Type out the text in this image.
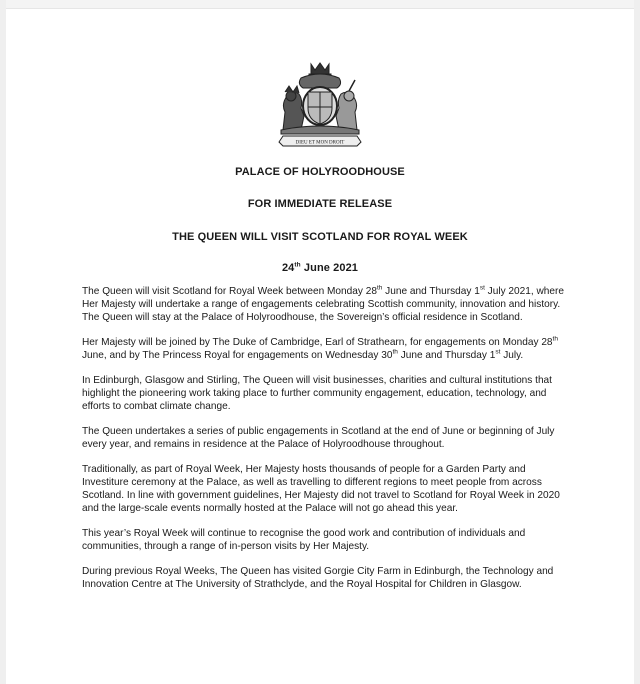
DIEU ET MON DROIT
PALACE OF HOLYROODHOUSE
FOR IMMEDIATE RELEASE
THE QUEEN WILL VISIT SCOTLAND FOR ROYAL WEEK
24th June 2021

The Queen will visit Scotland for Royal Week between Monday 28th June and Thursday 1st July 2021, where Her Majesty will undertake a range of engagements celebrating Scottish community, innovation and history. The Queen will stay at the Palace of Holyroodhouse, the Sovereign’s official residence in Scotland.

Her Majesty will be joined by The Duke of Cambridge, Earl of Strathearn, for engagements on Monday 28th June, and by The Princess Royal for engagements on Wednesday 30th June and Thursday 1st July.

In Edinburgh, Glasgow and Stirling, The Queen will visit businesses, charities and cultural institutions that highlight the pioneering work taking place to further community engagement, education, technology, and efforts to combat climate change.

The Queen undertakes a series of public engagements in Scotland at the end of June or beginning of July every year, and remains in residence at the Palace of Holyroodhouse throughout.

Traditionally, as part of Royal Week, Her Majesty hosts thousands of people for a Garden Party and Investiture ceremony at the Palace, as well as travelling to different regions to meet people from across Scotland. In line with government guidelines, Her Majesty did not travel to Scotland for Royal Week in 2020 and the large-scale events normally hosted at the Palace will not go ahead this year.

This year’s Royal Week will continue to recognise the good work and contribution of individuals and communities, through a range of in-person visits by Her Majesty.

During previous Royal Weeks, The Queen has visited Gorgie City Farm in Edinburgh, the Technology and Innovation Centre at The University of Strathclyde, and the Royal Hospital for Children in Glasgow.
